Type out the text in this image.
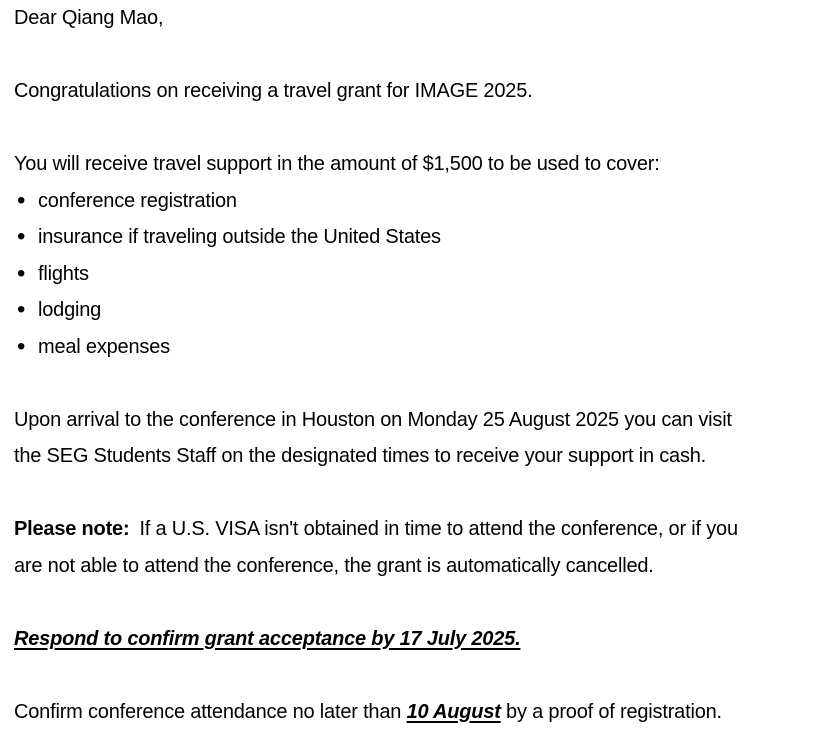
Dear Qiang Mao,
Congratulations on receiving a travel grant for IMAGE 2025.
You will receive travel support in the amount of $1,500 to be used to cover:
• conference registration
• insurance if traveling outside the United States
• flights
• lodging
• meal expenses
Upon arrival to the conference in Houston on Monday 25 August 2025 you can visit
the SEG Students Staff on the designated times to receive your support in cash.
Please note: If a U.S. VISA isn't obtained in time to attend the conference, or if you
are not able to attend the conference, the grant is automatically cancelled.
Respond to confirm grant acceptance by 17 July 2025.
Confirm conference attendance no later than 10 August by a proof of registration.
